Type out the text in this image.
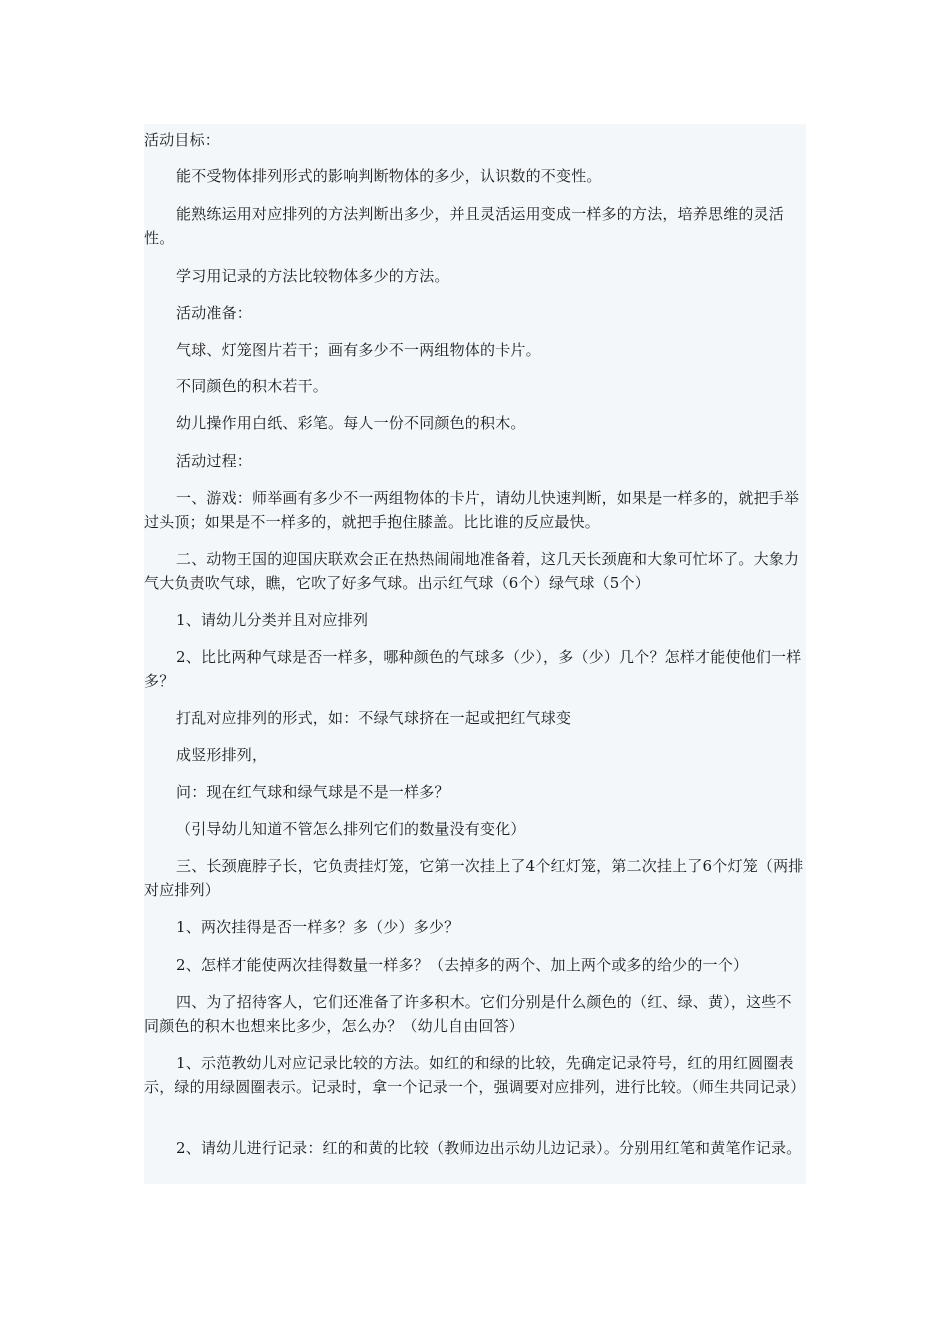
活动目标：

能不受物体排列形式的影响判断物体的多少，认识数的不变性。

能熟练运用对应排列的方法判断出多少，并且灵活运用变成一样多的方法，培养思维的灵活性。

学习用记录的方法比较物体多少的方法。

活动准备：

气球、灯笼图片若干；画有多少不一两组物体的卡片。

不同颜色的积木若干。

幼儿操作用白纸、彩笔。每人一份不同颜色的积木。

活动过程：

一、游戏：师举画有多少不一两组物体的卡片，请幼儿快速判断，如果是一样多的，就把手举过头顶；如果是不一样多的，就把手抱住膝盖。比比谁的反应最快。

二、动物王国的迎国庆联欢会正在热热闹闹地准备着，这几天长颈鹿和大象可忙坏了。大象力气大负责吹气球，瞧，它吹了好多气球。出示红气球（6个）绿气球（5个）

1、请幼儿分类并且对应排列

2、比比两种气球是否一样多，哪种颜色的气球多（少），多（少）几个？怎样才能使他们一样多？

打乱对应排列的形式，如：不绿气球挤在一起或把红气球变

成竖形排列，

问：现在红气球和绿气球是不是一样多？

（引导幼儿知道不管怎么排列它们的数量没有变化）

三、长颈鹿脖子长，它负责挂灯笼，它第一次挂上了4个红灯笼，第二次挂上了6个灯笼（两排对应排列）

1、两次挂得是否一样多？多（少）多少？

2、怎样才能使两次挂得数量一样多？（去掉多的两个、加上两个或多的给少的一个）

四、为了招待客人，它们还准备了许多积木。它们分别是什么颜色的（红、绿、黄），这些不同颜色的积木也想来比多少，怎么办？（幼儿自由回答）

1、示范教幼儿对应记录比较的方法。如红的和绿的比较，先确定记录符号，红的用红圆圈表示，绿的用绿圆圈表示。记录时，拿一个记录一个，强调要对应排列，进行比较。（师生共同记录）

2、请幼儿进行记录：红的和黄的比较（教师边出示幼儿边记录）。分别用红笔和黄笔作记录。
